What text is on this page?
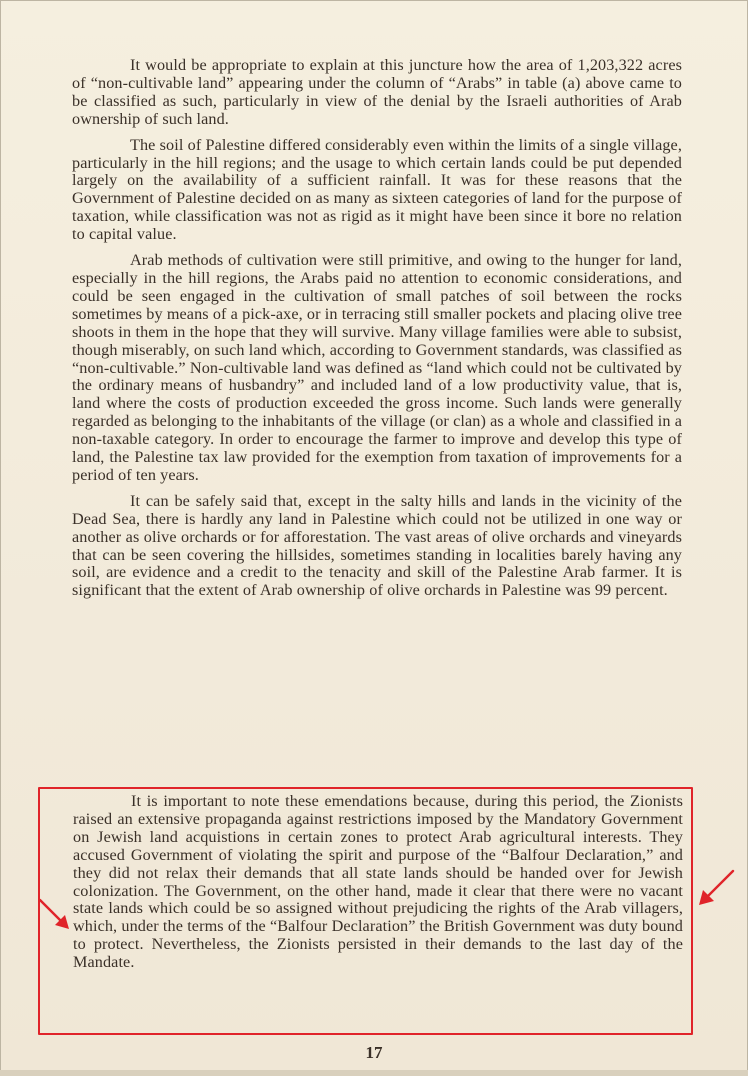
It would be appropriate to explain at this juncture how the area of 1,203,322 acres of “non-cultivable land” appearing under the column of “Arabs” in table (a) above came to be classified as such, particularly in view of the denial by the Israeli authorities of Arab ownership of such land.

The soil of Palestine differed considerably even within the limits of a single village, particularly in the hill regions; and the usage to which certain lands could be put depended largely on the availability of a sufficient rainfall. It was for these reasons that the Government of Palestine decided on as many as sixteen categories of land for the purpose of taxation, while classification was not as rigid as it might have been since it bore no relation to capital value.

Arab methods of cultivation were still primitive, and owing to the hunger for land, especially in the hill regions, the Arabs paid no attention to economic considerations, and could be seen engaged in the cultivation of small patches of soil between the rocks sometimes by means of a pick-axe, or in terracing still smaller pockets and placing olive tree shoots in them in the hope that they will survive. Many village families were able to subsist, though miserably, on such land which, according to Government standards, was classified as “non-cultivable.” Non-cultivable land was defined as “land which could not be cultivated by the ordinary means of husbandry” and included land of a low productivity value, that is, land where the costs of production exceeded the gross income. Such lands were generally regarded as belonging to the inhabitants of the village (or clan) as a whole and classified in a non-taxable category. In order to encourage the farmer to improve and develop this type of land, the Palestine tax law provided for the exemption from taxation of improvements for a period of ten years.

It can be safely said that, except in the salty hills and lands in the vicinity of the Dead Sea, there is hardly any land in Palestine which could not be utilized in one way or another as olive orchards or for afforestation. The vast areas of olive orchards and vineyards that can be seen covering the hillsides, sometimes standing in localities barely having any soil, are evidence and a credit to the tenacity and skill of the Palestine Arab farmer. It is significant that the extent of Arab ownership of olive orchards in Palestine was 99 percent.

It is important to note these emendations because, during this period, the Zionists raised an extensive propaganda against restrictions imposed by the Mandatory Government on Jewish land acquistions in certain zones to protect Arab agricultural interests. They accused Government of violating the spirit and purpose of the “Balfour Declaration,” and they did not relax their demands that all state lands should be handed over for Jewish colonization. The Government, on the other hand, made it clear that there were no vacant state lands which could be so assigned without prejudicing the rights of the Arab villagers, which, under the terms of the “Balfour Declaration” the British Government was duty bound to protect. Nevertheless, the Zionists persisted in their demands to the last day of the Mandate.

17
